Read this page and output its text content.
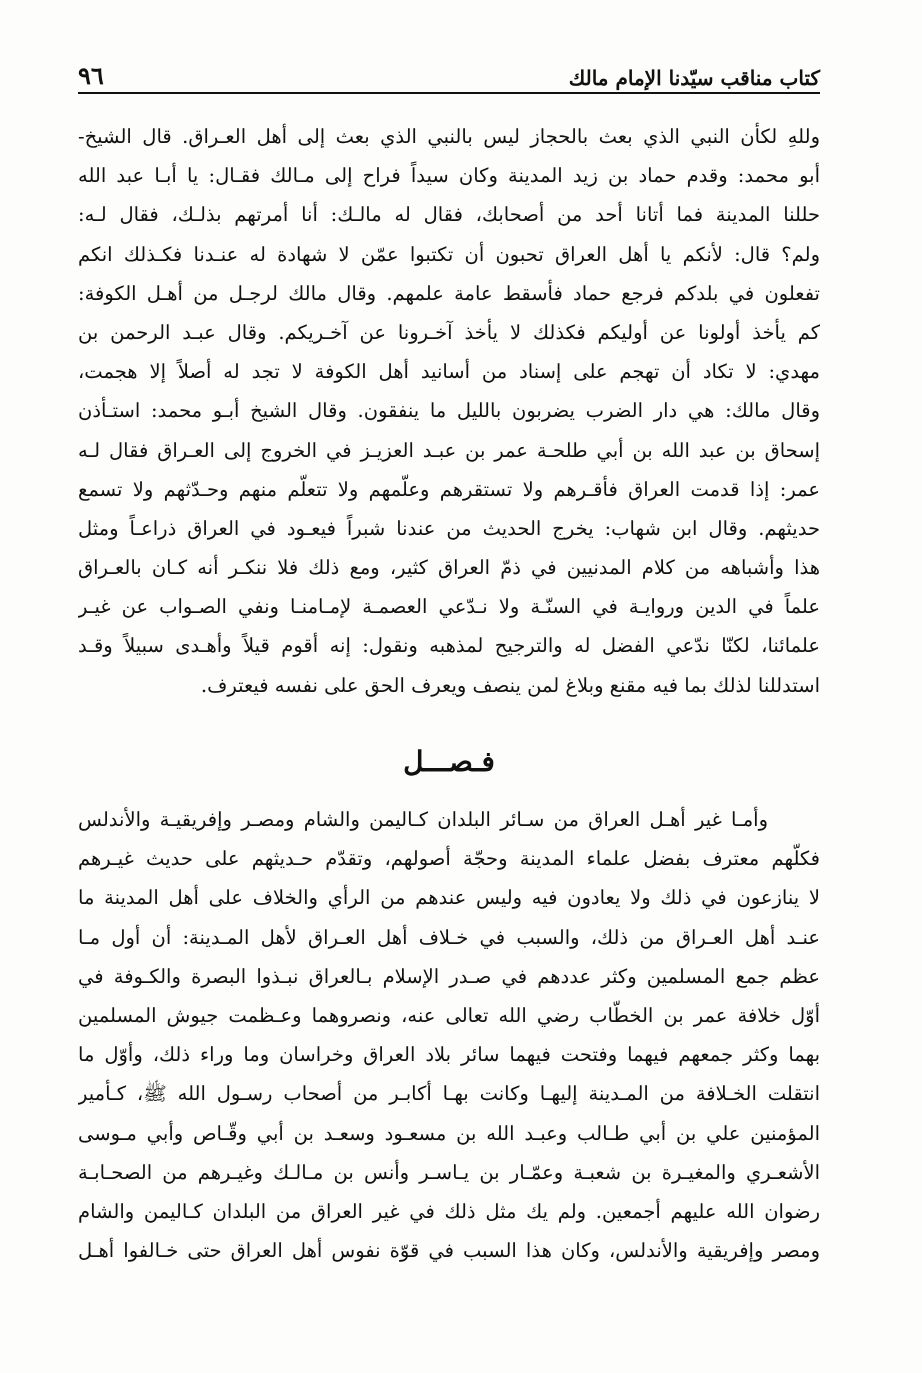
كتاب مناقب سيّدنا الإمام مالك
٩٦
وللهِ لكأن النبي الذي بعث بالحجاز ليس بالنبي الذي بعث إلى أهل العـراق. قال الشيخ-
أبو محمد: وقدم حماد بن زيد المدينة وكان سيداً فراح إلى مـالك فقـال: يا أبـا عبد الله
حللنا المدينة فما أتانا أحد من أصحابك، فقال له مالـك: أنا أمرتهم بذلـك، فقال لـه:
ولم؟ قال: لأنكم يا أهل العراق تحبون أن تكتبوا عمّن لا شهادة له عنـدنا فكـذلك انكم
تفعلون في بلدكم فرجع حماد فأسقط عامة علمهم. وقال مالك لرجـل من أهـل الكوفة:
كم يأخذ أولونا عن أوليكم فكذلك لا يأخذ آخـرونا عن آخـريكم. وقال عبـد الرحمن بن
مهدي: لا تكاد أن تهجم على إسناد من أسانيد أهل الكوفة لا تجد له أصلاً إلا هجمت،
وقال مالك: هي دار الضرب يضربون بالليل ما ينفقون. وقال الشيخ أبـو محمد: استـأذن
إسحاق بن عبد الله بن أبي طلحـة عمر بن عبـد العزيـز في الخروج إلى العـراق فقال لـه
عمر: إذا قدمت العراق فأقـرهم ولا تستقرهم وعلّمهم ولا تتعلّم منهم وحـدّثهم ولا تسمع
حديثهم. وقال ابن شهاب: يخرج الحديث من عندنا شبراً فيعـود في العراق ذراعـاً ومثل
هذا وأشباهه من كلام المدنيين في ذمّ العراق كثير، ومع ذلك فلا ننكـر أنه كـان بالعـراق
علماً في الدين وروايـة في السنّـة ولا نـدّعي العصمـة لإمـامنـا ونفي الصـواب عن غيـر
علمائنا، لكنّا ندّعي الفضل له والترجيح لمذهبه ونقول: إنه أقوم قيلاً وأهـدى سبيلاً وقـد
استدللنا لذلك بما فيه مقنع وبلاغ لمن ينصف ويعرف الحق على نفسه فيعترف.
فـصـــل
وأمـا غير أهـل العراق من سـائر البلدان كـاليمن والشام ومصـر وإفريقيـة والأندلس
فكلّهم معترف بفضل علماء المدينة وحجّة أصولهم، وتقدّم حـديثهم على حديث غيـرهم
لا ينازعون في ذلك ولا يعادون فيه وليس عندهم من الرأي والخلاف على أهل المدينة ما
عنـد أهل العـراق من ذلك، والسبب في خـلاف أهل العـراق لأهل المـدينة: أن أول مـا
عظم جمع المسلمين وكثر عددهم في صـدر الإسلام بـالعراق نبـذوا البصرة والكـوفة في
أوّل خلافة عمر بن الخطّاب رضي الله تعالى عنه، ونصروهما وعـظمت جيوش المسلمين
بهما وكثر جمعهم فيهما وفتحت فيهما سائر بلاد العراق وخراسان وما وراء ذلك، وأوّل ما
انتقلت الخـلافة من المـدينة إليهـا وكانت بهـا أكابـر من أصحاب رسـول الله ﷺ، كـأمير
المؤمنين علي بن أبي طـالب وعبـد الله بن مسعـود وسعـد بن أبي وقّـاص وأبي مـوسى
الأشعـري والمغيـرة بن شعبـة وعمّـار بن يـاسـر وأنس بن مـالـك وغيـرهم من الصحـابـة
رضوان الله عليهم أجمعين. ولم يك مثل ذلك في غير العراق من البلدان كـاليمن والشام
ومصر وإفريقية والأندلس، وكان هذا السبب في قوّة نفوس أهل العراق حتى خـالفوا أهـل
